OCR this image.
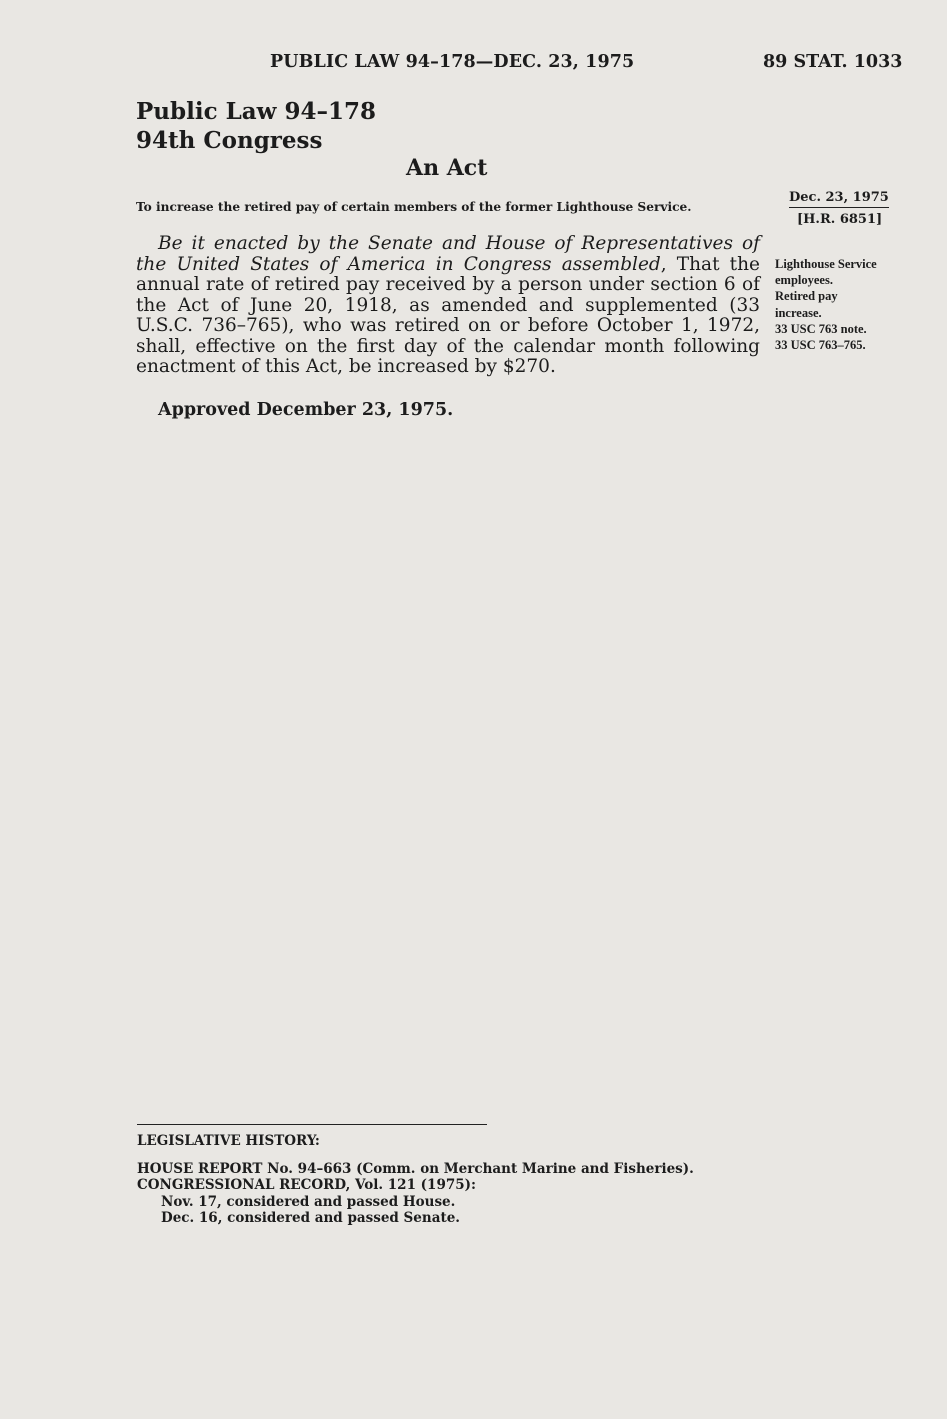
PUBLIC LAW 94–178—DEC. 23, 1975	89 STAT. 1033
Public Law 94–178
94th Congress
An Act
To increase the retired pay of certain members of the former Lighthouse Service.
Dec. 23, 1975
[H.R. 6851]
Be it enacted by the Senate and House of Representatives of the United States of America in Congress assembled, That the annual rate of retired pay received by a person under section 6 of the Act of June 20, 1918, as amended and supplemented (33 U.S.C. 736–765), who was retired on or before October 1, 1972, shall, effective on the first day of the calendar month following enactment of this Act, be increased by $270.
Lighthouse Service
employees.
Retired pay
increase.
33 USC 763 note.
33 USC 763–765.
Approved December 23, 1975.
LEGISLATIVE HISTORY:
HOUSE REPORT No. 94–663 (Comm. on Merchant Marine and Fisheries).
CONGRESSIONAL RECORD, Vol. 121 (1975):
Nov. 17, considered and passed House.
Dec. 16, considered and passed Senate.
